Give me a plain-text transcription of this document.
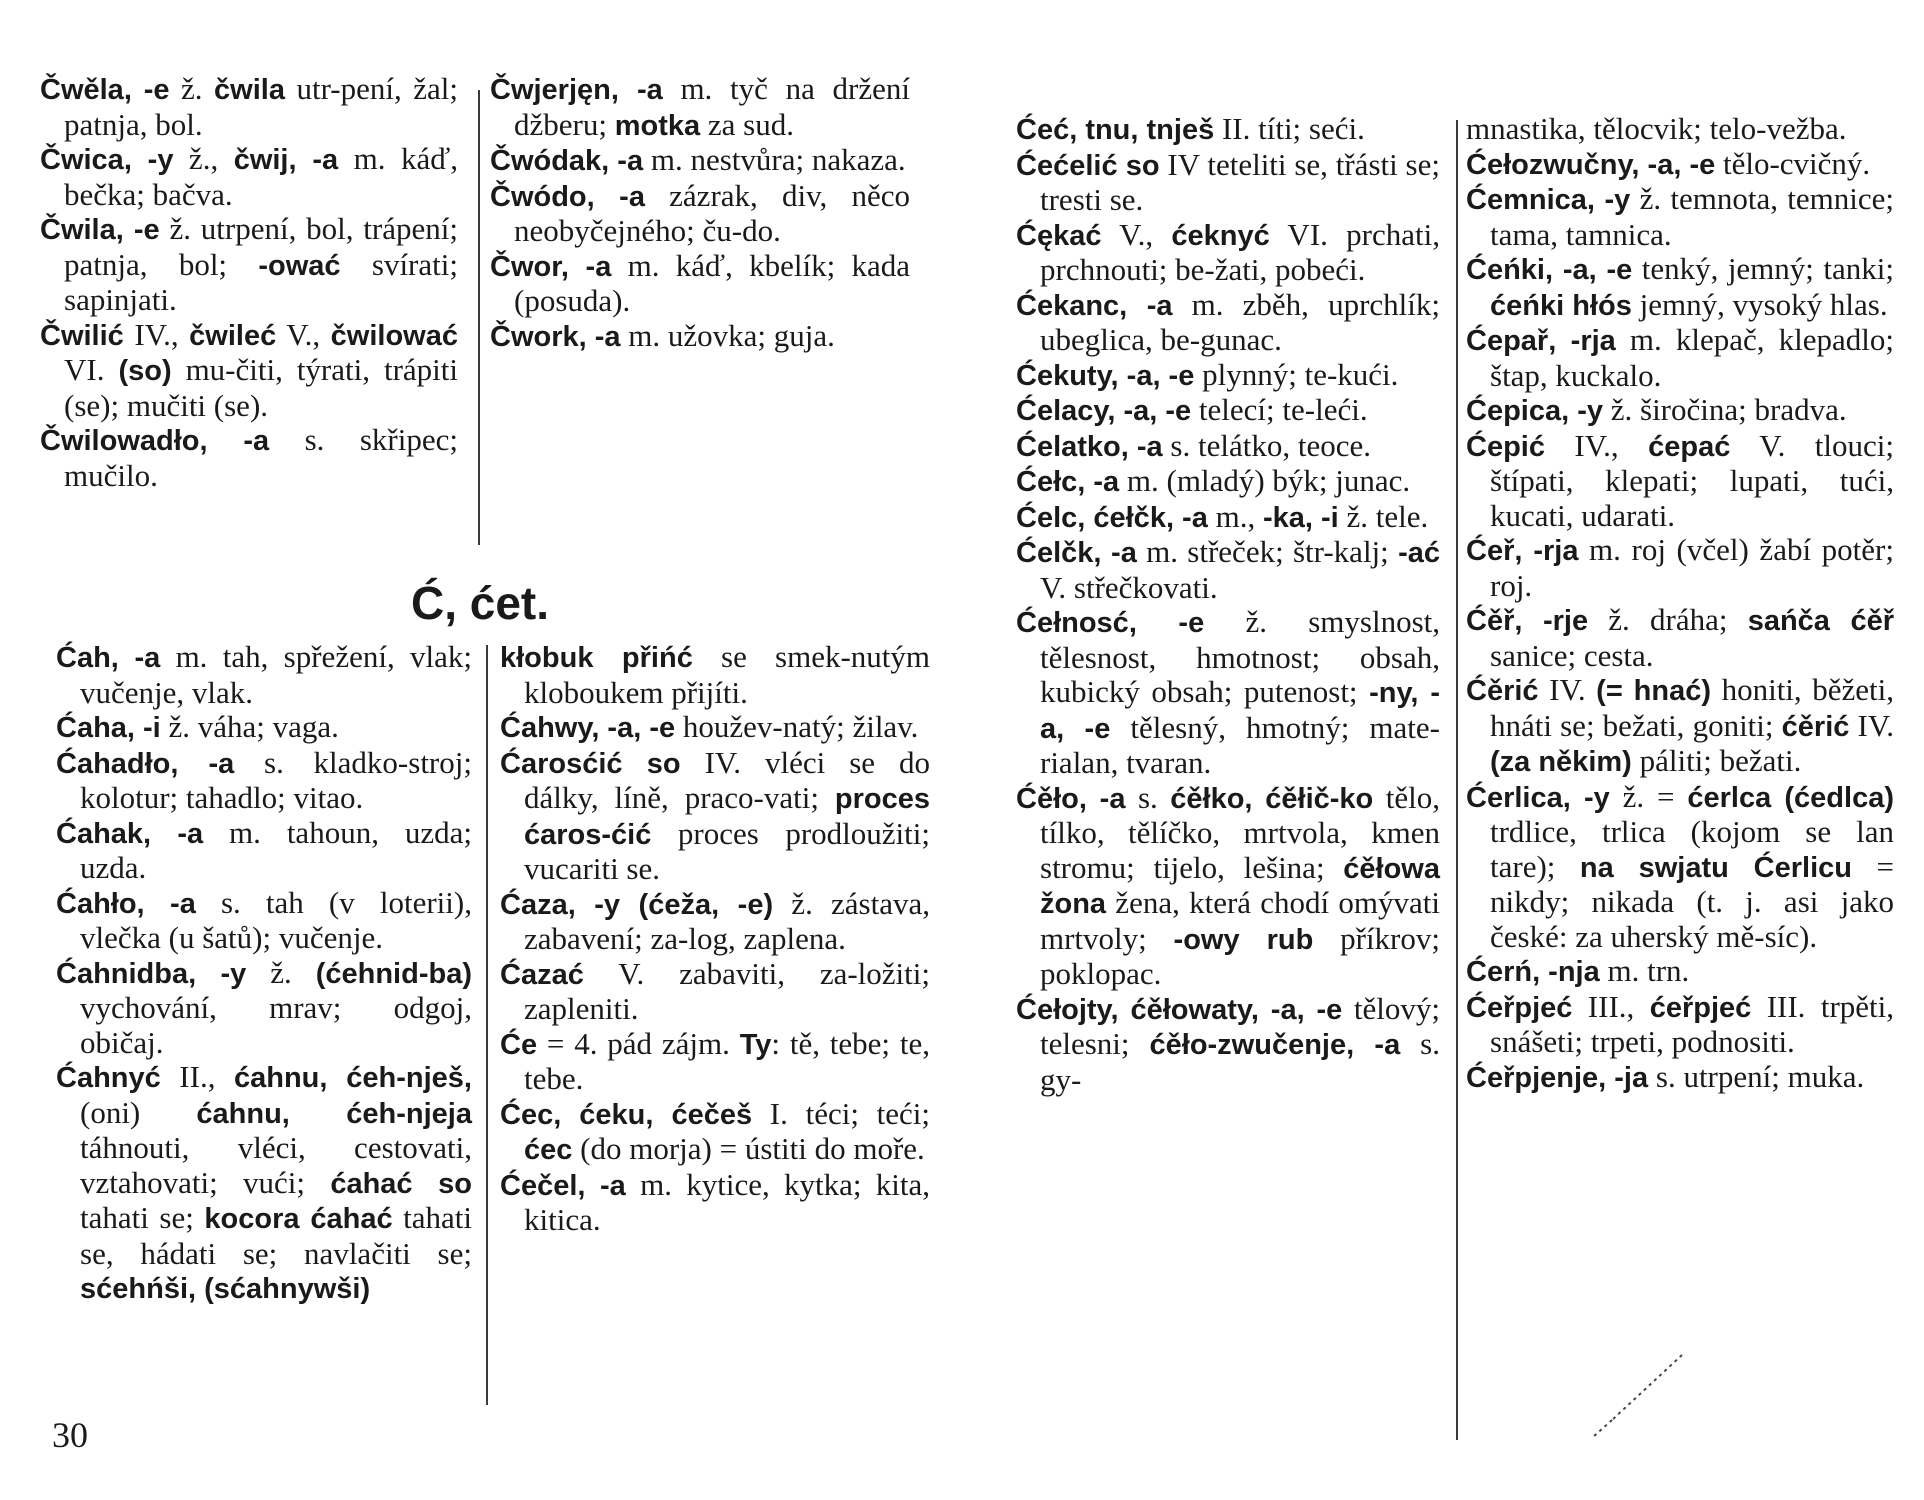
Čwěla, -e ž. čwila utr-pení, žal; patnja, bol.

Čwica, -y ž., čwij, -a m. káď, bečka; bačva.

Čwila, -e ž. utrpení, bol, trápení; patnja, bol; -ować svírati; sapinjati.

Čwilić IV., čwileć V., čwilować VI. (so) mu-čiti, týrati, trápiti (se); mučiti (se).

Čwilowadło, -a s. skřipec; mučilo.

Čwjerjęn, -a m. tyč na držení džberu; motka za sud.

Čwódak, -a m. nestvůra; nakaza.

Čwódo, -a zázrak, div, něco neobyčejného; ču-do.

Čwor, -a m. káď, kbelík; kada (posuda).

Čwork, -a m. užovka; guja.

Ć, ćet.

Ćah, -a m. tah, spřežení, vlak; vučenje, vlak.

Ćaha, -i ž. váha; vaga.

Ćahadło, -a s. kladko-stroj; kolotur; tahadlo; vitao.

Ćahak, -a m. tahoun, uzda; uzda.

Ćahło, -a s. tah (v loterii), vlečka (u šatů); vučenje.

Ćahnidba, -y ž. (ćehnid-ba) vychování, mrav; odgoj, običaj.

Ćahnyć II., ćahnu, ćeh-nješ, (oni) ćahnu, ćeh-njeja táhnouti, vléci, cestovati, vztahovati; vući; ćahać so tahati se; kocora ćahać tahati se, hádati se; navlačiti se; sćehńši, (sćahnywši)

kłobuk přińć se smek-nutým kloboukem přijíti.

Ćahwy, -a, -e houžev-natý; žilav.

Ćarosćić so IV. vléci se do dálky, líně, praco-vati; proces ćaros-ćić proces prodloužiti; vucariti se.

Ćaza, -y (ćeža, -e) ž. zástava, zabavení; za-log, zaplena.

Ćazać V. zabaviti, za-ložiti; zapleniti.

Će = 4. pád zájm. Ty: tě, tebe; te, tebe.

Ćec, ćeku, ćečeš I. téci; teći; ćec (do morja) = ústiti do moře.

Ćečel, -a m. kytice, kytka; kita, kitica.

Ćeć, tnu, tnješ II. títi; seći.

Ćećelić so IV teteliti se, třásti se; tresti se.

Ćękać V., ćeknyć VI. prchati, prchnouti; be-žati, pobeći.

Ćekanc, -a m. zběh, uprchlík; ubeglica, be-gunac.

Ćekuty, -a, -e plynný; te-kući.

Ćelacy, -a, -e telecí; te-leći.

Ćelatko, -a s. telátko, teoce.

Ćełc, -a m. (mladý) býk; junac.

Ćelc, ćełčk, -a m., -ka, -i ž. tele.

Ćelčk, -a m. střeček; štr-kalj; -ać V. střečkovati.

Ćełnosć, -e ž. smyslnost, tělesnost, hmotnost; obsah, kubický obsah; putenost; -ny, -a, -e tělesný, hmotný; mate-rialan, tvaran.

Ćěło, -a s. ćěłko, ćěłič-ko tělo, tílko, tělíčko, mrtvola, kmen stromu; tijelo, lešina; ćěłowa žona žena, která chodí omývati mrtvoly; -owy rub příkrov; poklopac.

Ćełojty, ćěłowaty, -a, -e tělový; telesni; ćěło-zwučenje, -a s. gy-

mnastika, tělocvik; telo-vežba.

Ćełozwučny, -a, -e tělo-cvičný.

Ćemnica, -y ž. temnota, temnice; tama, tamnica.

Ćeńki, -a, -e tenký, jemný; tanki; ćeńki hłós jemný, vysoký hlas.

Ćepař, -rja m. klepač, klepadlo; štap, kuckalo.

Ćepica, -y ž. širočina; bradva.

Ćepić IV., ćepać V. tlouci; štípati, klepati; lupati, tući, kucati, udarati.

Ćeř, -rja m. roj (včel) žabí potěr; roj.

Ćěř, -rje ž. dráha; sańča ćěř sanice; cesta.

Ćěrić IV. (= hnać) honiti, běžeti, hnáti se; bežati, goniti; ćěrić IV. (za někim) páliti; bežati.

Ćerlica, -y ž. = ćerlca (ćedlca) trdlice, trlica (kojom se lan tare); na swjatu Ćerlicu = nikdy; nikada (t. j. asi jako české: za uherský mě-síc).

Ćerń, -nja m. trn.

Ćeřpjeć III., ćeřpjeć III. trpěti, snášeti; trpeti, podnositi.

Ćeřpjenje, -ja s. utrpení; muka.

30
